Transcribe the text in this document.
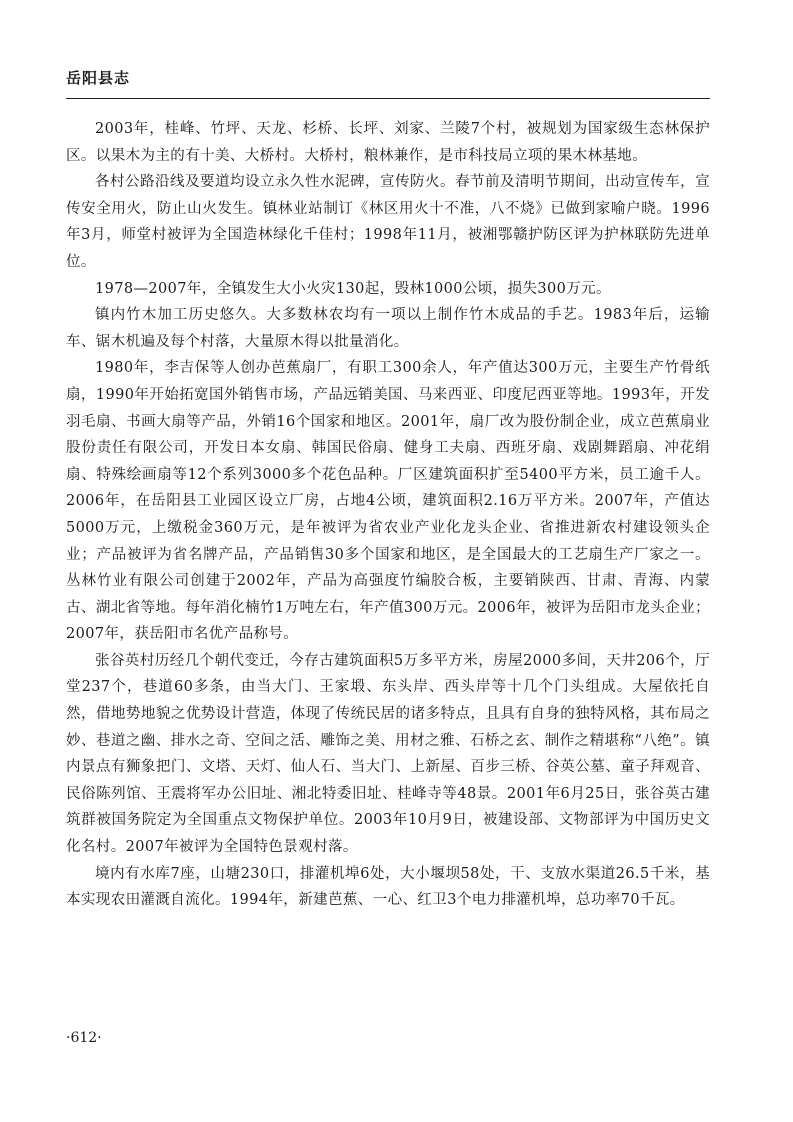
岳阳县志

2003年，桂峰、竹坪、天龙、杉桥、长坪、刘家、兰陵7个村，被规划为国家级生态林保护区。以果木为主的有十美、大桥村。大桥村，粮林兼作，是市科技局立项的果木林基地。

各村公路沿线及要道均设立永久性水泥碑，宣传防火。春节前及清明节期间，出动宣传车，宣传安全用火，防止山火发生。镇林业站制订《林区用火十不准，八不烧》已做到家喻户晓。1996年3月，师堂村被评为全国造林绿化千佳村；1998年11月，被湘鄂赣护防区评为护林联防先进单位。

1978—2007年，全镇发生大小火灾130起，毁林1000公顷，损失300万元。

镇内竹木加工历史悠久。大多数林农均有一项以上制作竹木成品的手艺。1983年后，运输车、锯木机遍及每个村落，大量原木得以批量消化。

1980年，李吉保等人创办芭蕉扇厂，有职工300余人，年产值达300万元，主要生产竹骨纸扇，1990年开始拓宽国外销售市场，产品远销美国、马来西亚、印度尼西亚等地。1993年，开发羽毛扇、书画大扇等产品，外销16个国家和地区。2001年，扇厂改为股份制企业，成立芭蕉扇业股份责任有限公司，开发日本女扇、韩国民俗扇、健身工夫扇、西班牙扇、戏剧舞蹈扇、冲花绢扇、特殊绘画扇等12个系列3000多个花色品种。厂区建筑面积扩至5400平方米，员工逾千人。2006年，在岳阳县工业园区设立厂房，占地4公顷，建筑面积2.16万平方米。2007年，产值达5000万元，上缴税金360万元，是年被评为省农业产业化龙头企业、省推进新农村建设领头企业；产品被评为省名牌产品，产品销售30多个国家和地区，是全国最大的工艺扇生产厂家之一。丛林竹业有限公司创建于2002年，产品为高强度竹编胶合板，主要销陕西、甘肃、青海、内蒙古、湖北省等地。每年消化楠竹1万吨左右，年产值300万元。2006年，被评为岳阳市龙头企业；2007年，获岳阳市名优产品称号。

张谷英村历经几个朝代变迁，今存古建筑面积5万多平方米，房屋2000多间，天井206个，厅堂237个，巷道60多条，由当大门、王家塅、东头岸、西头岸等十几个门头组成。大屋依托自然，借地势地貌之优势设计营造，体现了传统民居的诸多特点，且具有自身的独特风格，其布局之妙、巷道之幽、排水之奇、空间之活、雕饰之美、用材之雅、石桥之玄、制作之精堪称“八绝”。镇内景点有狮象把门、文塔、天灯、仙人石、当大门、上新屋、百步三桥、谷英公墓、童子拜观音、民俗陈列馆、王震将军办公旧址、湘北特委旧址、桂峰寺等48景。2001年6月25日，张谷英古建筑群被国务院定为全国重点文物保护单位。2003年10月9日，被建设部、文物部评为中国历史文化名村。2007年被评为全国特色景观村落。

境内有水库7座，山塘230口，排灌机埠6处，大小堰坝58处，干、支放水渠道26.5千米，基本实现农田灌溉自流化。1994年，新建芭蕉、一心、红卫3个电力排灌机埠，总功率70千瓦。

·612·
